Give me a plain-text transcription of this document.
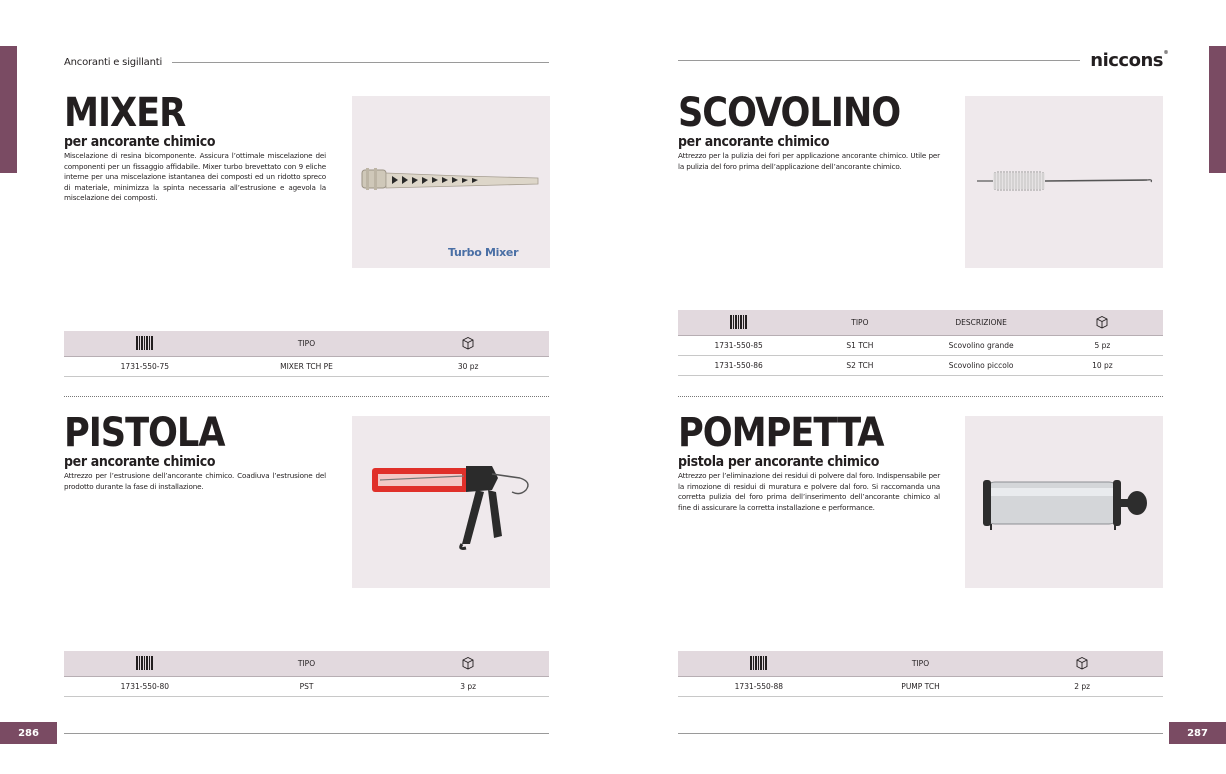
Ancoranti e sigillanti	niccons ®
MIXER
per ancorante chimico
Miscelazione di resina bicomponente. Assicura l’ottimale miscelazione dei componenti per un fissaggio affidabile. Mixer turbo brevettato con 9 eliche interne per una miscelazione istantanea dei composti ed un ridotto spreco di materiale, minimizza la spinta necessaria all’estrusione e agevola la miscelazione dei composti.
Turbo Mixer
TIPO
1731-550-75	MIXER TCH PE	30 pz
SCOVOLINO
per ancorante chimico
Attrezzo per la pulizia dei fori per applicazione ancorante chimico. Utile per la pulizia del foro prima dell’applicazione dell’ancorante chimico.
TIPO	DESCRIZIONE
1731-550-85	S1 TCH	Scovolino grande	5 pz
1731-550-86	S2 TCH	Scovolino piccolo	10 pz
PISTOLA
per ancorante chimico
Attrezzo per l’estrusione dell’ancorante chimico. Coadiuva l’estrusione del prodotto durante la fase di installazione.
TIPO
1731-550-80	PST	3 pz
POMPETTA
pistola per ancorante chimico
Attrezzo per l’eliminazione dei residui di polvere dal foro. Indispensabile per la rimozione di residui di muratura e polvere dal foro. Si raccomanda una corretta pulizia del foro prima dell’inserimento dell’ancorante chimico al fine di assicurare la corretta installazione e performance.
TIPO
1731-550-88	PUMP TCH	2 pz
286	287
